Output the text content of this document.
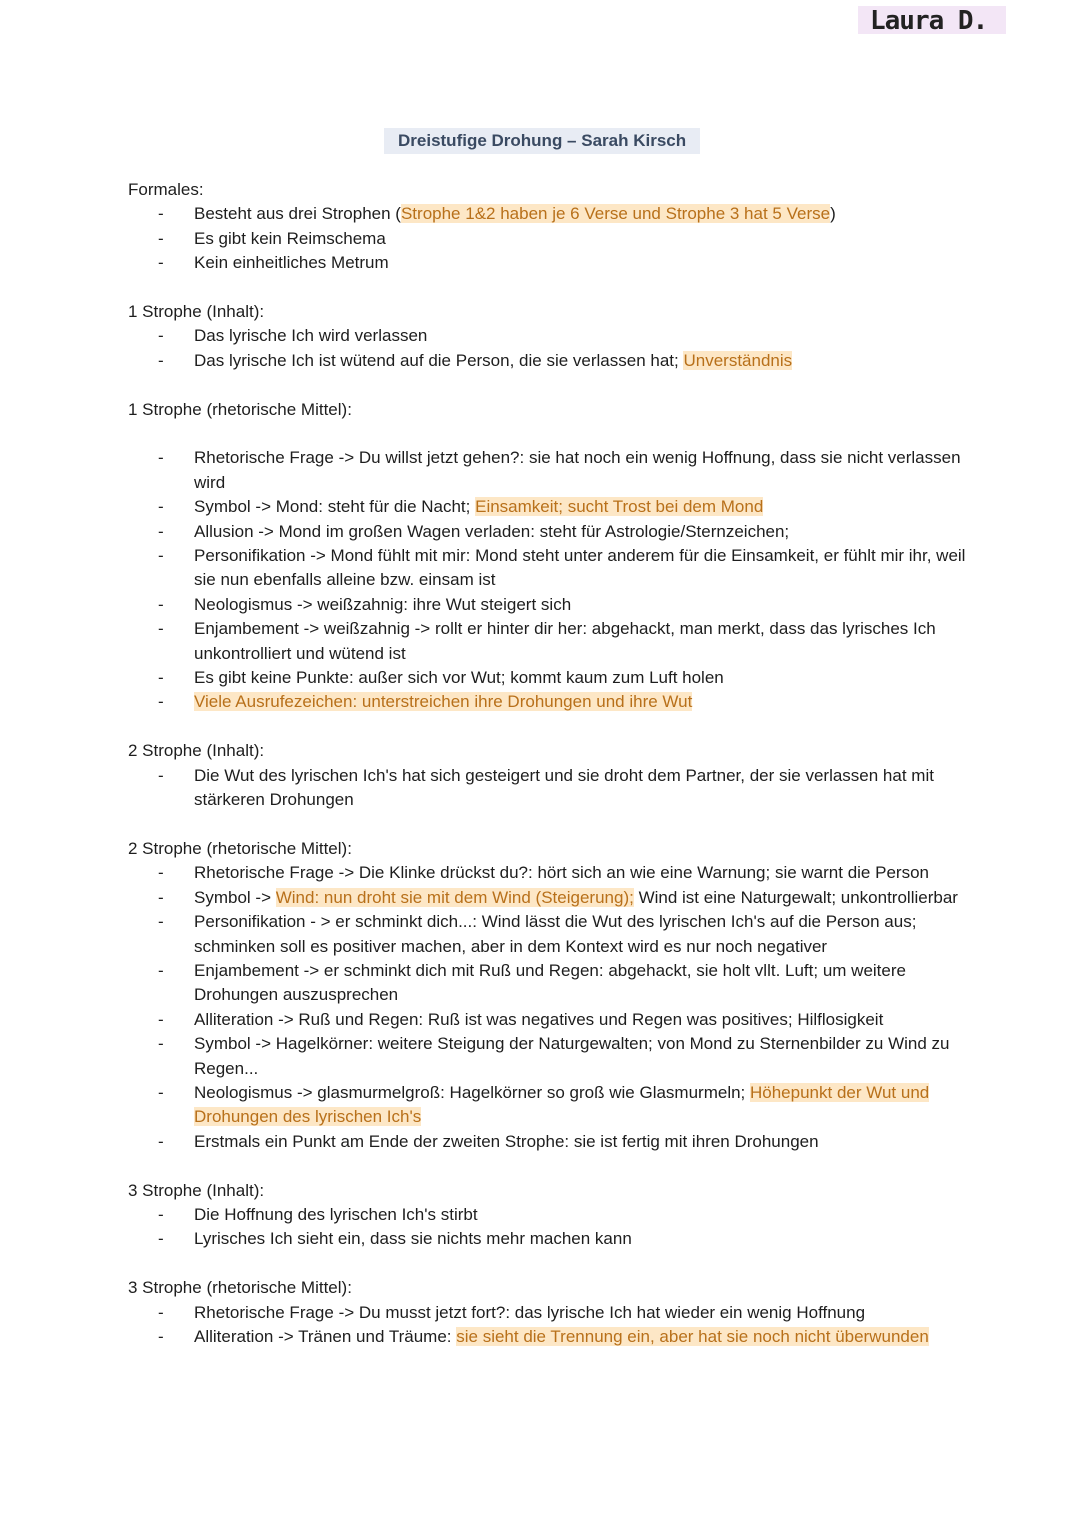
Laura D.
Dreistufige Drohung – Sarah Kirsch
Formales:
- Besteht aus drei Strophen (Strophe 1&2 haben je 6 Verse und Strophe 3 hat 5 Verse)
- Es gibt kein Reimschema
- Kein einheitliches Metrum
1 Strophe (Inhalt):
- Das lyrische Ich wird verlassen
- Das lyrische Ich ist wütend auf die Person, die sie verlassen hat; Unverständnis
1 Strophe (rhetorische Mittel):
- Rhetorische Frage -> Du willst jetzt gehen?: sie hat noch ein wenig Hoffnung, dass sie nicht verlassen wird
- Symbol -> Mond: steht für die Nacht; Einsamkeit; sucht Trost bei dem Mond
- Allusion -> Mond im großen Wagen verladen: steht für Astrologie/Sternzeichen;
- Personifikation -> Mond fühlt mit mir: Mond steht unter anderem für die Einsamkeit, er fühlt mir ihr, weil sie nun ebenfalls alleine bzw. einsam ist
- Neologismus -> weißzahnig: ihre Wut steigert sich
- Enjambement -> weißzahnig -> rollt er hinter dir her: abgehackt, man merkt, dass das lyrisches Ich unkontrolliert und wütend ist
- Es gibt keine Punkte: außer sich vor Wut; kommt kaum zum Luft holen
- Viele Ausrufezeichen: unterstreichen ihre Drohungen und ihre Wut
2 Strophe (Inhalt):
- Die Wut des lyrischen Ich's hat sich gesteigert und sie droht dem Partner, der sie verlassen hat mit stärkeren Drohungen
2 Strophe (rhetorische Mittel):
- Rhetorische Frage -> Die Klinke drückst du?: hört sich an wie eine Warnung; sie warnt die Person
- Symbol -> Wind: nun droht sie mit dem Wind (Steigerung); Wind ist eine Naturgewalt; unkontrollierbar
- Personifikation - > er schminkt dich...: Wind lässt die Wut des lyrischen Ich's auf die Person aus; schminken soll es positiver machen, aber in dem Kontext wird es nur noch negativer
- Enjambement -> er schminkt dich mit Ruß und Regen: abgehackt, sie holt vllt. Luft; um weitere Drohungen auszusprechen
- Alliteration -> Ruß und Regen: Ruß ist was negatives und Regen was positives; Hilflosigkeit
- Symbol -> Hagelkörner: weitere Steigung der Naturgewalten; von Mond zu Sternenbilder zu Wind zu Regen...
- Neologismus -> glasmurmelgroß: Hagelkörner so groß wie Glasmurmeln; Höhepunkt der Wut und Drohungen des lyrischen Ich's
- Erstmals ein Punkt am Ende der zweiten Strophe: sie ist fertig mit ihren Drohungen
3 Strophe (Inhalt):
- Die Hoffnung des lyrischen Ich's stirbt
- Lyrisches Ich sieht ein, dass sie nichts mehr machen kann
3 Strophe (rhetorische Mittel):
- Rhetorische Frage -> Du musst jetzt fort?: das lyrische Ich hat wieder ein wenig Hoffnung
- Alliteration -> Tränen und Träume: sie sieht die Trennung ein, aber hat sie noch nicht überwunden
